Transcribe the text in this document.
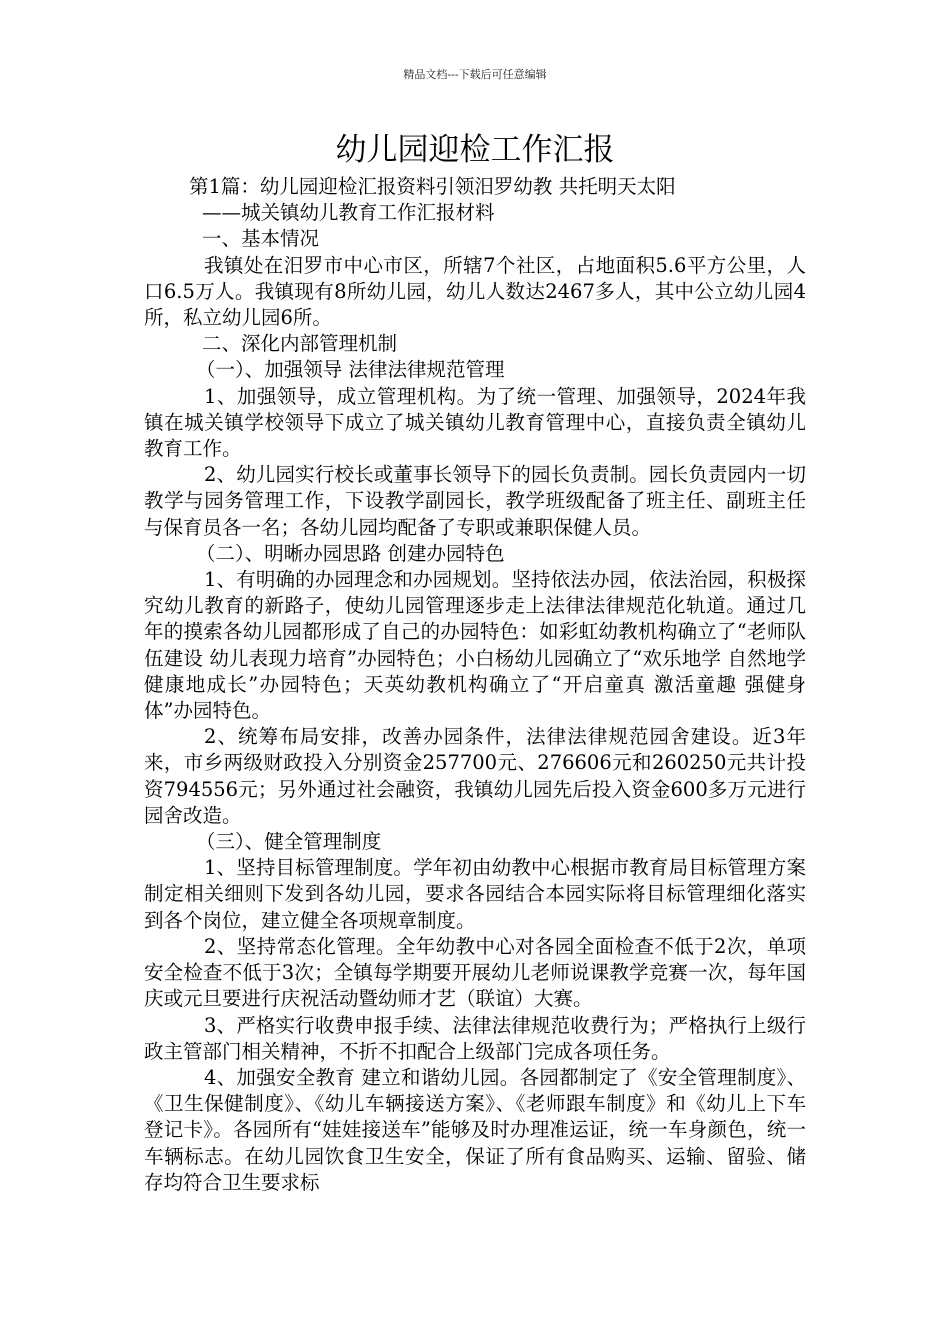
精品文档---下载后可任意编辑
幼儿园迎检工作汇报

第1篇：幼儿园迎检汇报资料引领汨罗幼教 共托明天太阳

——城关镇幼儿教育工作汇报材料

一、基本情况

我镇处在汨罗市中心市区，所辖7个社区，占地面积5.6平方公里，人口6.5万人。我镇现有8所幼儿园，幼儿人数达2467多人，其中公立幼儿园4所，私立幼儿园6所。

二、深化内部管理机制

（一）、加强领导 法律法律规范管理

1、加强领导，成立管理机构。为了统一管理、加强领导，2024年我镇在城关镇学校领导下成立了城关镇幼儿教育管理中心，直接负责全镇幼儿教育工作。

2、幼儿园实行校长或董事长领导下的园长负责制。园长负责园内一切教学与园务管理工作，下设教学副园长，教学班级配备了班主任、副班主任与保育员各一名；各幼儿园均配备了专职或兼职保健人员。

（二）、明晰办园思路 创建办园特色

1、有明确的办园理念和办园规划。坚持依法办园，依法治园，积极探究幼儿教育的新路子，使幼儿园管理逐步走上法律法律规范化轨道。通过几年的摸索各幼儿园都形成了自己的办园特色：如彩虹幼教机构确立了“老师队伍建设 幼儿表现力培育”办园特色；小白杨幼儿园确立了“欢乐地学 自然地学 健康地成长”办园特色；天英幼教机构确立了“开启童真 激活童趣 强健身体”办园特色。

2、统筹布局安排，改善办园条件，法律法律规范园舍建设。近3年来，市乡两级财政投入分别资金257700元、276606元和260250元共计投资794556元；另外通过社会融资，我镇幼儿园先后投入资金600多万元进行园舍改造。

（三）、健全管理制度

1、坚持目标管理制度。学年初由幼教中心根据市教育局目标管理方案制定相关细则下发到各幼儿园，要求各园结合本园实际将目标管理细化落实到各个岗位，建立健全各项规章制度。

2、坚持常态化管理。全年幼教中心对各园全面检查不低于2次，单项安全检查不低于3次；全镇每学期要开展幼儿老师说课教学竞赛一次，每年国庆或元旦要进行庆祝活动暨幼师才艺（联谊）大赛。

3、严格实行收费申报手续、法律法律规范收费行为；严格执行上级行政主管部门相关精神，不折不扣配合上级部门完成各项任务。

4、加强安全教育 建立和谐幼儿园。各园都制定了《安全管理制度》、《卫生保健制度》、《幼儿车辆接送方案》、《老师跟车制度》和《幼儿上下车登记卡》。各园所有“娃娃接送车”能够及时办理准运证，统一车身颜色，统一车辆标志。在幼儿园饮食卫生安全，保证了所有食品购买、运输、留验、储存均符合卫生要求标
